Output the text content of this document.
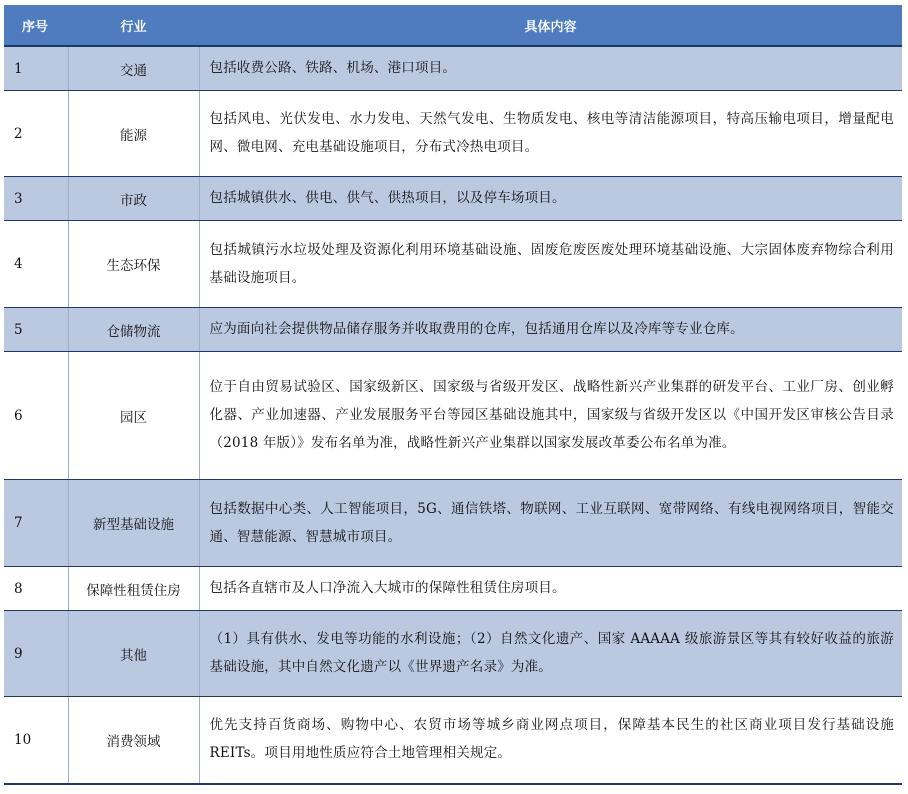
序号	行业	具体内容
1	交通	包括收费公路、铁路、机场、港口项目。
2	能源	包括风电、光伏发电、水力发电、天然气发电、生物质发电、核电等清洁能源项目，特高压输电项目，增量配电网、微电网、充电基础设施项目，分布式冷热电项目。
3	市政	包括城镇供水、供电、供气、供热项目，以及停车场项目。
4	生态环保	包括城镇污水垃圾处理及资源化利用环境基础设施、固废危废医废处理环境基础设施、大宗固体废弃物综合利用基础设施项目。
5	仓储物流	应为面向社会提供物品储存服务并收取费用的仓库，包括通用仓库以及冷库等专业仓库。
6	园区	位于自由贸易试验区、国家级新区、国家级与省级开发区、战略性新兴产业集群的研发平台、工业厂房、创业孵化器、产业加速器、产业发展服务平台等园区基础设施其中，国家级与省级开发区以《中国开发区审核公告目录（2018 年版）》发布名单为准，战略性新兴产业集群以国家发展改革委公布名单为准。
7	新型基础设施	包括数据中心类、人工智能项目，5G、通信铁塔、物联网、工业互联网、宽带网络、有线电视网络项目，智能交通、智慧能源、智慧城市项目。
8	保障性租赁住房	包括各直辖市及人口净流入大城市的保障性租赁住房项目。
9	其他	（1）具有供水、发电等功能的水利设施；（2）自然文化遗产、国家 AAAAA 级旅游景区等其有较好收益的旅游基础设施，其中自然文化遗产以《世界遗产名录》为准。
10	消费领域	优先支持百货商场、购物中心、农贸市场等城乡商业网点项目，保障基本民生的社区商业项目发行基础设施 REITs。项目用地性质应符合土地管理相关规定。
